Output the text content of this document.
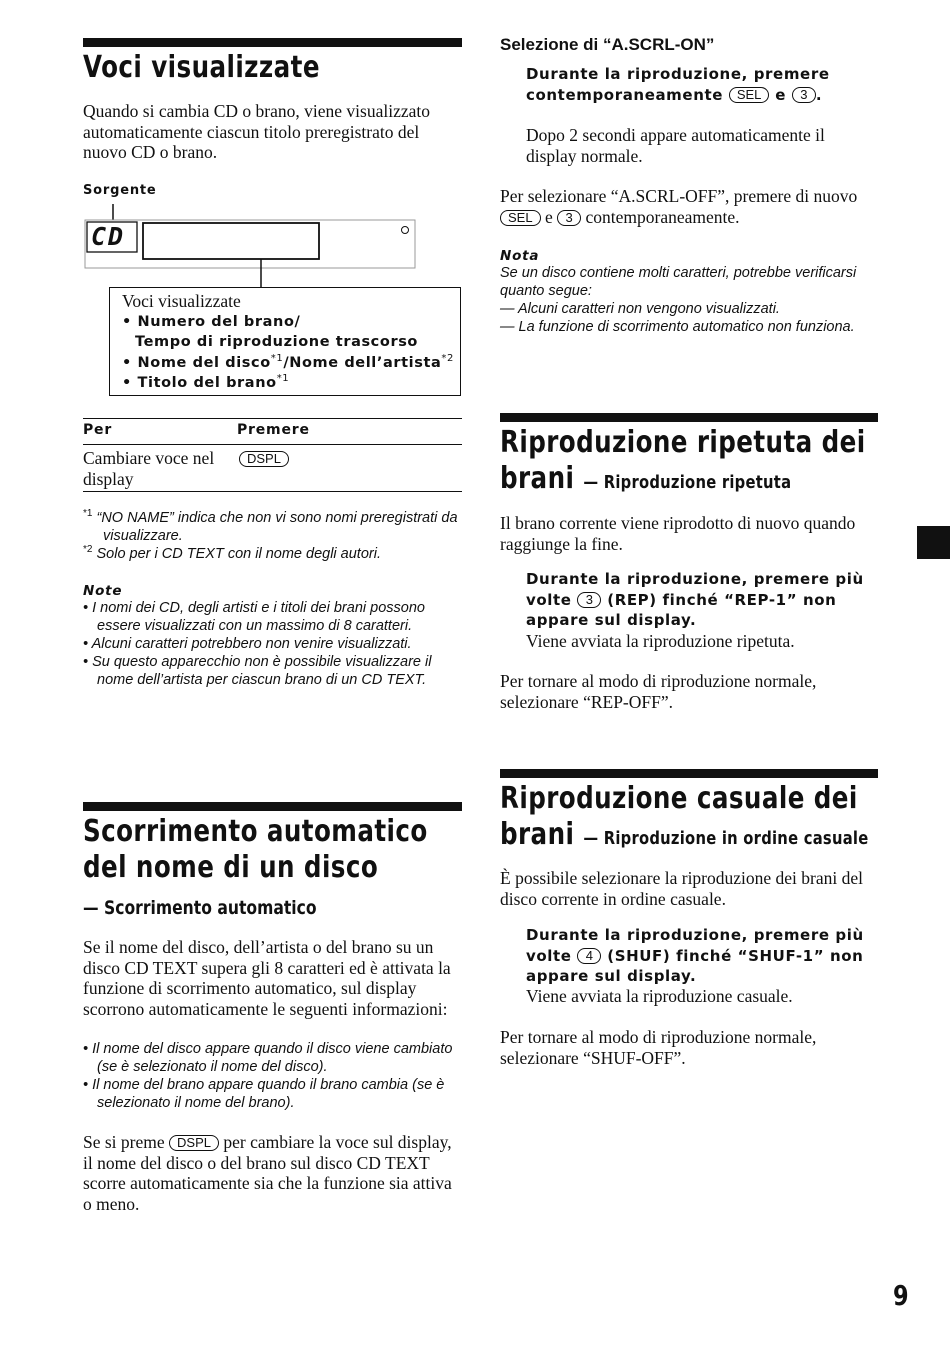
Voci visualizzate

Quando si cambia CD o brano, viene visualizzato automaticamente ciascun titolo preregistrato del nuovo CD o brano.

Sorgente
CD
Voci visualizzate
• Numero del brano/
Tempo di riproduzione trascorso
• Nome del disco$^{*1}$/Nome dell’artista$^{*2}$
• Titolo del brano$^{*1}$
Per	Premere
Cambiare voce nel display
DSPL
$^{*1}$ “NO NAME” indica che non vi sono nomi preregistrati da visualizzare.
$^{*2}$ Solo per i CD TEXT con il nome degli autori.
Note
• I nomi dei CD, degli artisti e i titoli dei brani possono essere visualizzati con un massimo di 8 caratteri.
• Alcuni caratteri potrebbero non venire visualizzati.
• Su questo apparecchio non è possibile visualizzare il nome dell’artista per ciascun brano di un CD TEXT.
Scorrimento automatico
del nome di un disco
— Scorrimento automatico

Se il nome del disco, dell’artista o del brano su un disco CD TEXT supera gli 8 caratteri ed è attivata la funzione di scorrimento automatico, sul display scorrono automaticamente le seguenti informazioni:

• Il nome del disco appare quando il disco viene cambiato (se è selezionato il nome del disco).
• Il nome del brano appare quando il brano cambia (se è selezionato il nome del brano).

Se si preme DSPL per cambiare la voce sul display, il nome del disco o del brano sul disco CD TEXT scorre automaticamente sia che la funzione sia attiva o meno.

Selezione di “A.SCRL-ON”

Durante la riproduzione, premere contemporaneamente SEL e 3 .

Dopo 2 secondi appare automaticamente il display normale.

Per selezionare “A.SCRL-OFF”, premere di nuovo SEL e 3 contemporaneamente.

Nota

Se un disco contiene molti caratteri, potrebbe verificarsi quanto segue:

— Alcuni caratteri non vengono visualizzati.
— La funzione di scorrimento automatico non funziona.
Riproduzione ripetuta dei
brani — Riproduzione ripetuta

Il brano corrente viene riprodotto di nuovo quando raggiunge la fine.

Durante la riproduzione, premere più volte 3 (REP) finché “REP-1” non appare sul display.

Viene avviata la riproduzione ripetuta.

Per tornare al modo di riproduzione normale, selezionare “REP-OFF”.

Riproduzione casuale dei
brani — Riproduzione in ordine casuale

È possibile selezionare la riproduzione dei brani del disco corrente in ordine casuale.

Durante la riproduzione, premere più volte 4 (SHUF) finché “SHUF-1” non appare sul display.

Viene avviata la riproduzione casuale.

Per tornare al modo di riproduzione normale, selezionare “SHUF-OFF”.

9
